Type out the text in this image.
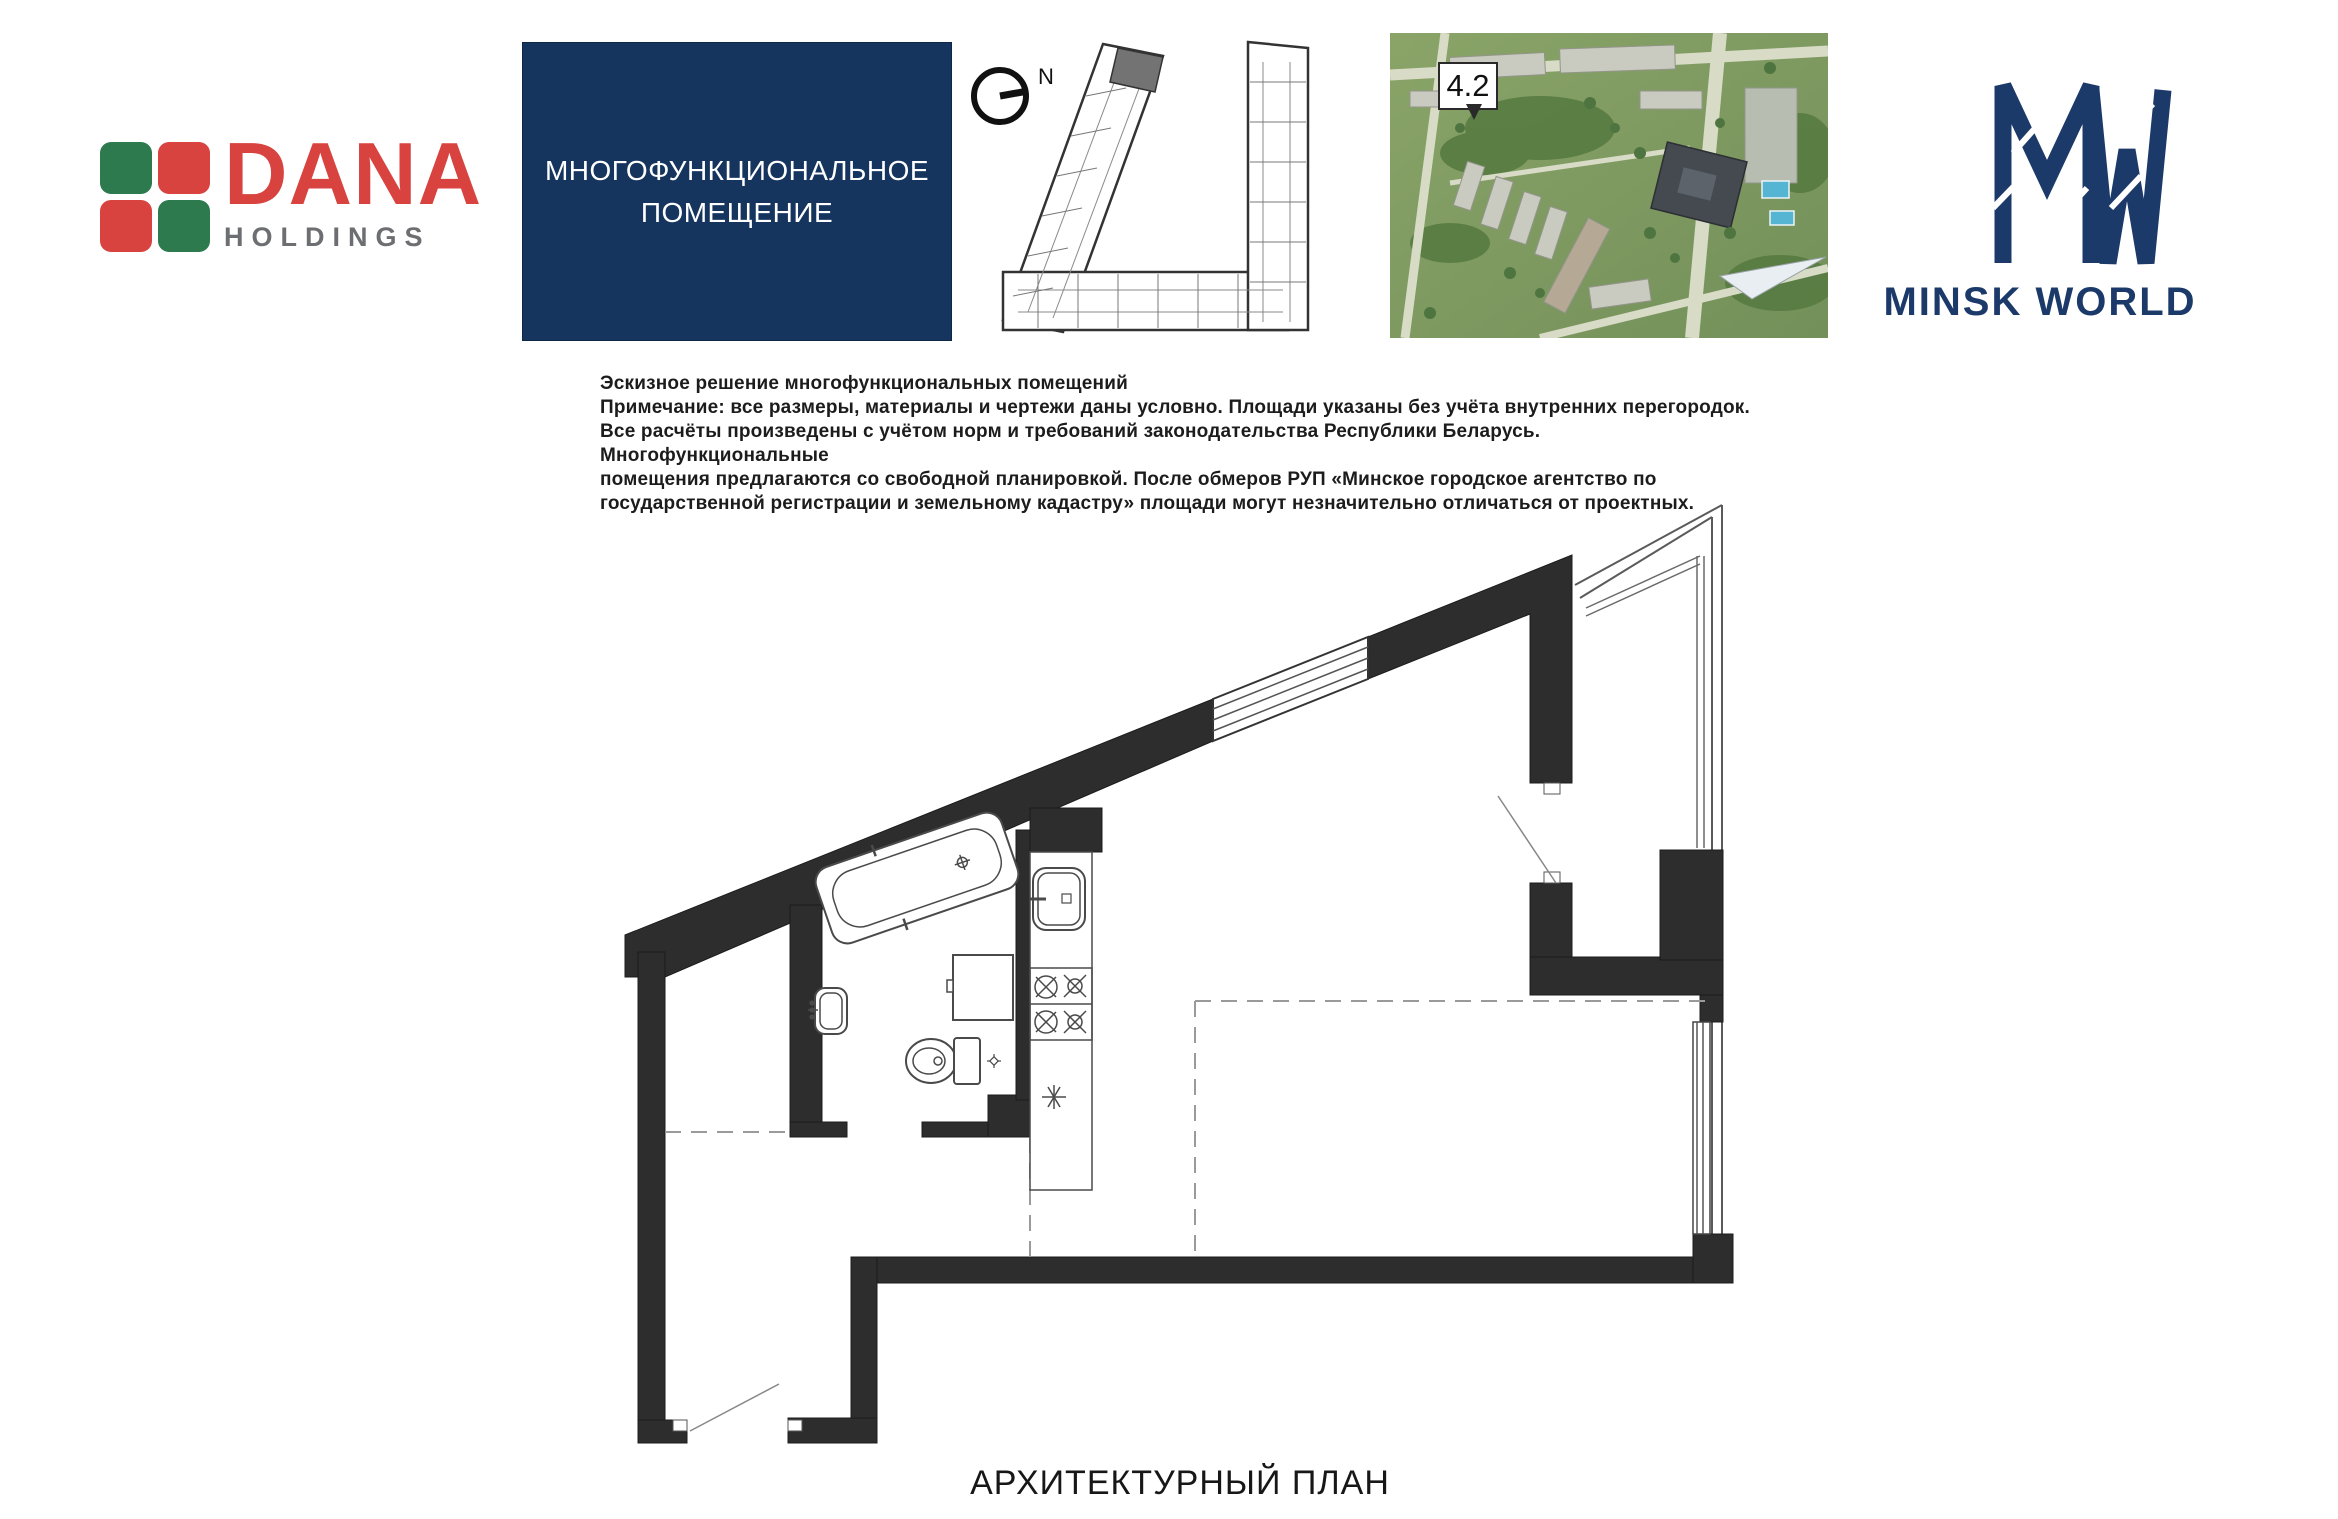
DANA
HOLDINGS
МНОГОФУНКЦИОНАЛЬНОЕ
ПОМЕЩЕНИЕ
N	4.2
MINSK WORLD
Эскизное решение многофункциональных помещений
Примечание: все размеры, материалы и чертежи даны условно. Площади указаны без учёта внутренних перегородок.
Все расчёты произведены с учётом норм и требований законодательства Республики Беларусь. Многофункциональные
помещения предлагаются со свободной планировкой. После обмеров РУП «Минское городское агентство по
государственной регистрации и земельному кадастру» площади могут незначительно отличаться от проектных.
АРХИТЕКТУРНЫЙ ПЛАН
